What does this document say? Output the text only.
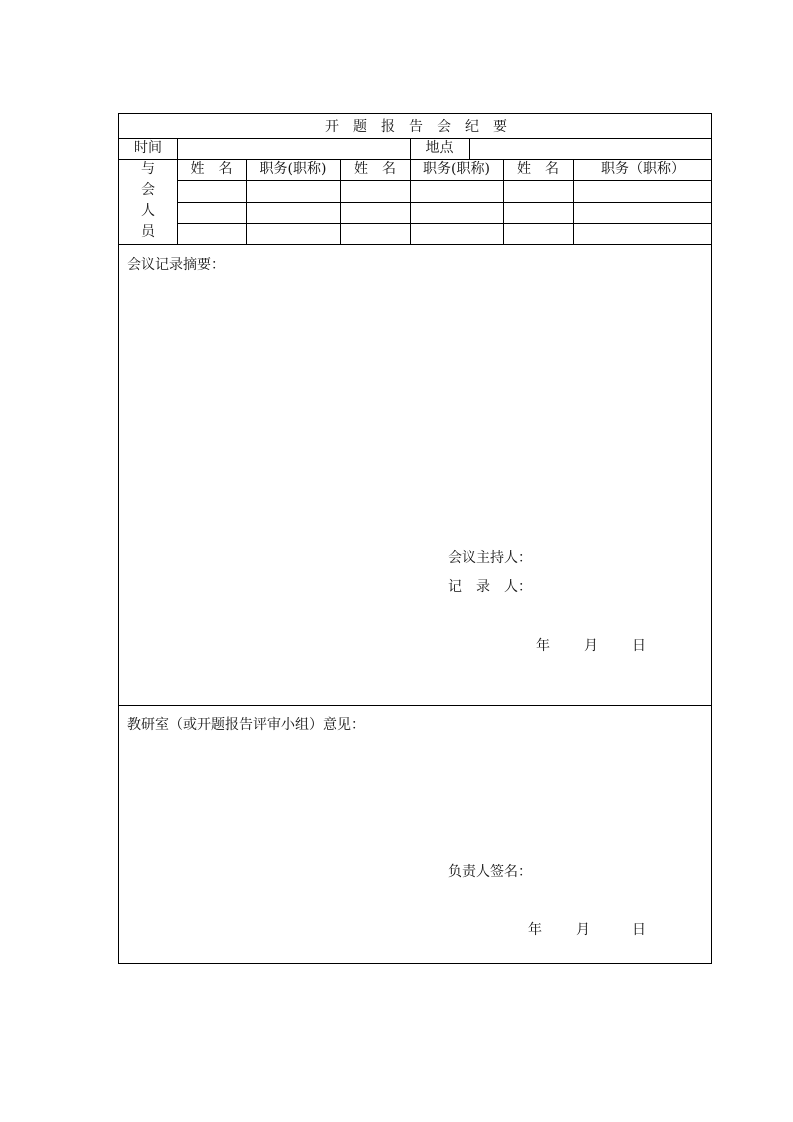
开题报告会纪要
时间	地点
与
会
人
员
姓　名	职务(职称)	姓　名	职务(职称)	姓　名	职务（职称）
会议记录摘要：
会议主持人：
记　录　人：
年 月 日
教研室（或开题报告评审小组）意见：
负责人签名：
年 月	日
